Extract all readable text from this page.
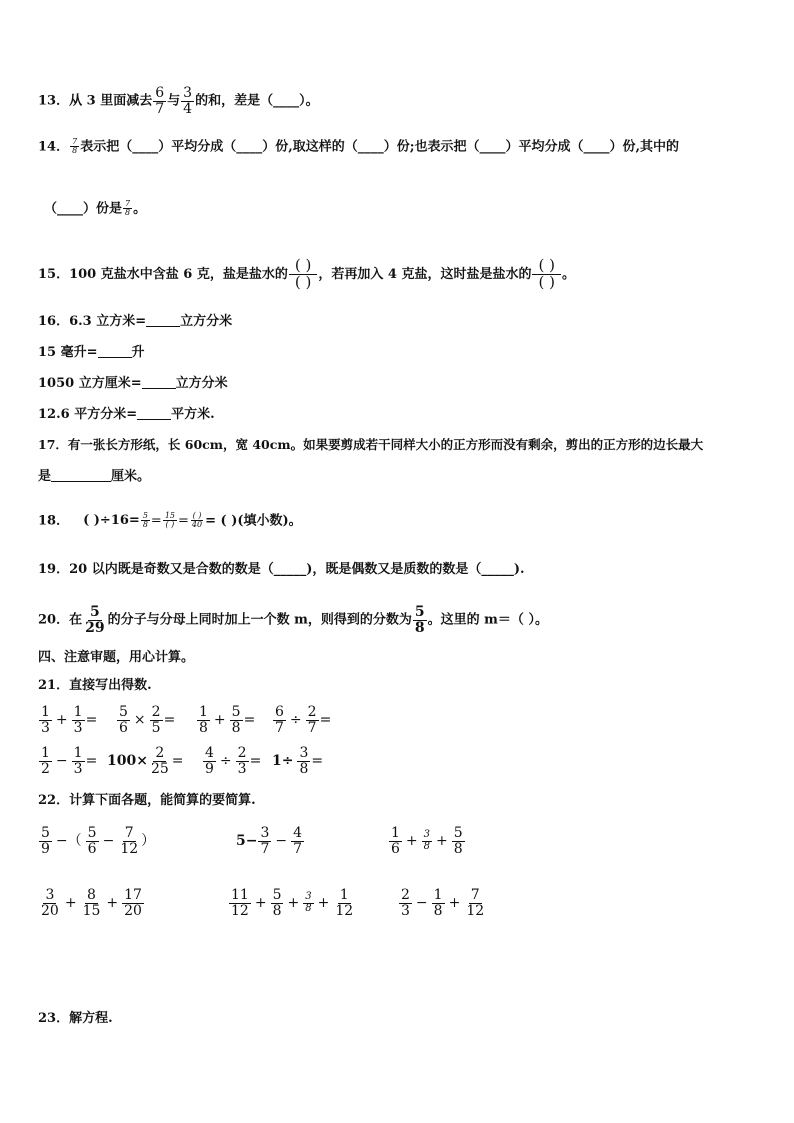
13．从 3 里面减去 $\frac{6}{7}$ 与 $\frac{3}{4}$ 的和，差是（____）。
14． $\frac{7}{8}$ 表示把（____）平均分成（____）份,取这样的（____）份;也表示把（____）平均分成（____）份,其中的
（____）份是 $\frac{7}{8}$ 。
15．100 克盐水中含盐 6 克，盐是盐水的 $\frac{( )}{( )}$ ，若再加入 4 克盐，这时盐是盐水的 $\frac{( )}{( )}$ 。
16．6.3 立方米=	立方分米
15 毫升=	升
1050 立方厘米=	立方分米
12.6 平方分米=	平方米.
17．有一张长方形纸，长 60cm，宽 40cm。如果要剪成若干同样大小的正方形而没有剩余，剪出的正方形的边长最大
是	厘米。
18． ( )$\div 16= \frac{5}{8} = \frac{15}{( )} = \frac{( )}{40}$ = ( )(填小数)。
19．20 以内既是奇数又是合数的数是（_____)，既是偶数又是质数的数是（_____).
20．在 $\frac{5}{29}$ 的分子与分母上同时加上一个数 m，则得到的分数为 $\frac{5}{8}$ 。这里的 m＝（ ）。
四、注意审题，用心计算。
21．直接写出得数.
$\frac{1}{3} + \frac{1}{3} = \frac{5}{6} \times \frac{2}{5} = \frac{1}{8} + \frac{5}{8} = \frac{6}{7} \div \frac{2}{7}$ =
$\frac{1}{2} - \frac{1}{3} = 100\times \frac{2}{25} = \frac{4}{9} \div \frac{2}{3} = 1\div \frac{3}{8}$ =
22．计算下面各题，能简算的要简算.
$\frac{5}{9}$ −（ $\frac{5}{6} - \frac{7}{12}$ ）	$5- \frac{3}{7} - \frac{4}{7}$	$\frac{1}{6} + \frac{3}{8} + \frac{5}{8}$
$\frac{3}{20} + \frac{8}{15} + \frac{17}{20}$	$\frac{11}{12} + \frac{5}{8} + \frac{3}{8} + \frac{1}{12}$	$\frac{2}{3} - \frac{1}{8} + \frac{7}{12}$
23．解方程.
